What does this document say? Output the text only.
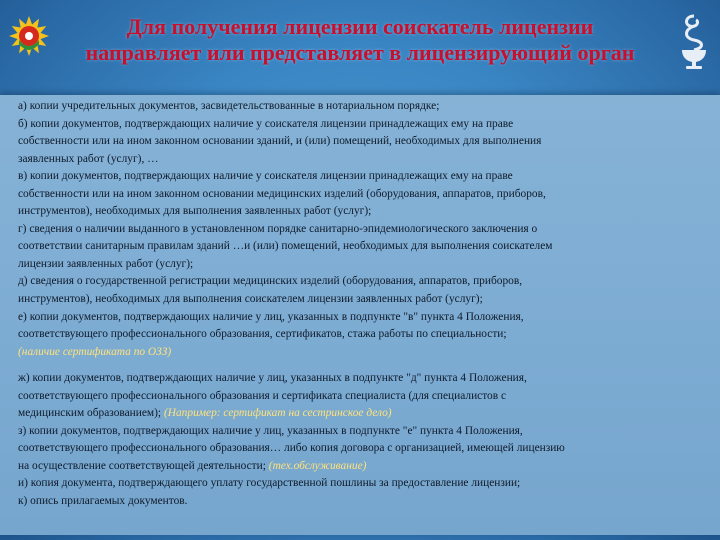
Для получения лицензии соискатель лицензии
направляет или представляет в лицензирующий орган
а) копии учредительных документов, засвидетельствованные в нотариальном порядке;
б) копии документов, подтверждающих наличие у соискателя лицензии принадлежащих ему на праве
собственности или на ином законном основании зданий, и (или) помещений, необходимых для выполнения
заявленных работ (услуг), …
в) копии документов, подтверждающих наличие у соискателя лицензии принадлежащих ему на праве
собственности или на ином законном основании медицинских изделий (оборудования, аппаратов, приборов,
инструментов), необходимых для выполнения заявленных работ (услуг);
г) сведения о наличии выданного в установленном порядке санитарно-эпидемиологического заключения о
соответствии санитарным правилам зданий …и (или) помещений, необходимых для выполнения соискателем
лицензии заявленных работ (услуг);
д) сведения о государственной регистрации медицинских изделий (оборудования, аппаратов, приборов,
инструментов), необходимых для выполнения соискателем лицензии заявленных работ (услуг);
е) копии документов, подтверждающих наличие у лиц, указанных в подпункте "в" пункта 4 Положения,
соответствующего профессионального образования, сертификатов, стажа работы по специальности;
(наличие сертификата по ОЗЗ)
ж) копии документов, подтверждающих наличие у лиц, указанных в подпункте "д" пункта 4 Положения,
соответствующего профессионального образования и сертификата специалиста (для специалистов с
медицинским образованием); (Например: сертификат на сестринское дело)
з) копии документов, подтверждающих наличие у лиц, указанных в подпункте "е" пункта 4 Положения,
соответствующего профессионального образования… либо копия договора с организацией, имеющей лицензию
на осуществление соответствующей деятельности; (тех.обслуживание)
и) копия документа, подтверждающего уплату государственной пошлины за предоставление лицензии;
к) опись прилагаемых документов.
